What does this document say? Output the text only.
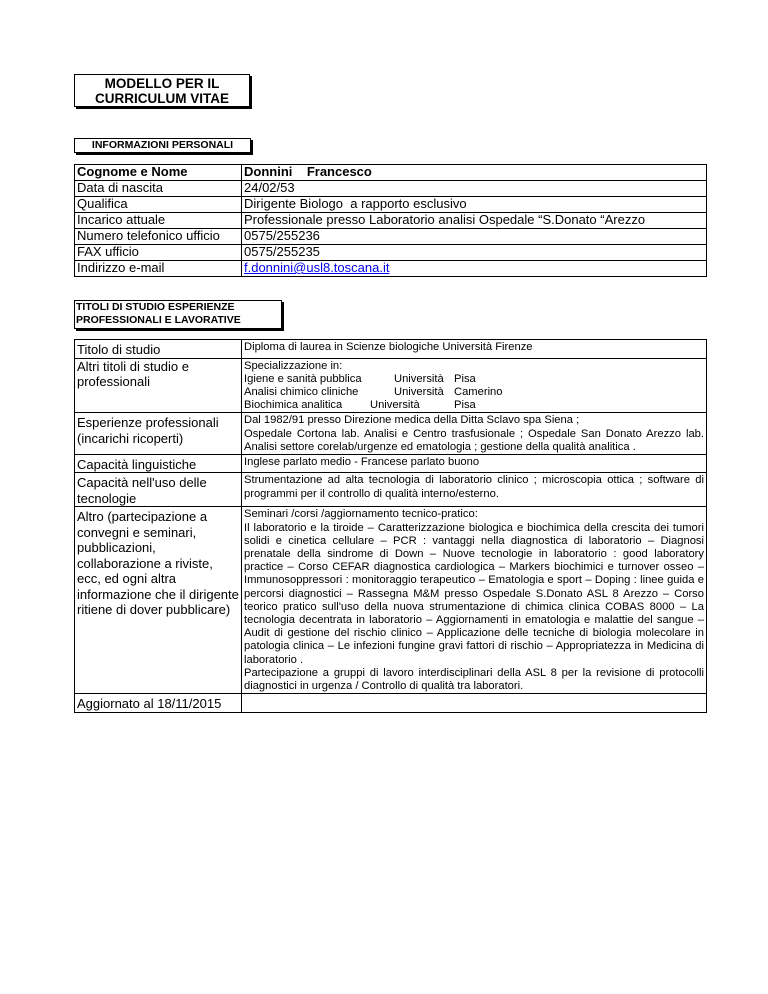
MODELLO PER IL CURRICULUM VITAE
INFORMAZIONI PERSONALI
Cognome e Nome	Donnini    Francesco
Data di nascita	24/02/53
Qualifica	Dirigente Biologo  a rapporto esclusivo
Incarico attuale	Professionale presso Laboratorio analisi Ospedale “S.Donato “Arezzo
Numero telefonico ufficio	0575/255236
FAX ufficio	0575/255235
Indirizzo e-mail	f.donnini@usl8.toscana.it
TITOLI DI STUDIO ESPERIENZE PROFESSIONALI E LAVORATIVE
Titolo di studio	Diploma di laurea in Scienze biologiche Università Firenze
Altri titoli di studio e professionali	Specializzazione in:
Igiene e sanità pubblica Università Pisa
Analisi chimico cliniche Università Camerino
Biochimica analitica Università Pisa

Esperienze professionali (incarichi ricoperti)	Dal 1982/91 presso Direzione medica della Ditta Sclavo spa Siena ;
Ospedale Cortona lab. Analisi e Centro trasfusionale ; Ospedale San Donato Arezzo lab. Analisi settore corelab/urgenze ed ematologia ; gestione della qualità analitica .

Capacità linguistiche	Inglese parlato medio - Francese parlato buono
Capacità nell'uso delle tecnologie	Strumentazione ad alta tecnologia di laboratorio clinico ; microscopia ottica ; software di programmi per il controllo di qualità interno/esterno.
Altro (partecipazione a convegni e seminari, pubblicazioni, collaborazione a riviste, ecc, ed ogni altra informazione che il dirigente ritiene di dover pubblicare)	Seminari /corsi /aggiornamento tecnico-pratico:
Il laboratorio e la tiroide – Caratterizzazione biologica e biochimica della crescita dei tumori solidi e cinetica cellulare – PCR : vantaggi nella diagnostica di laboratorio – Diagnosi prenatale della sindrome di Down – Nuove tecnologie in laboratorio : good laboratory practice – Corso CEFAR diagnostica cardiologica – Markers biochimici e turnover osseo – Immunosoppressori : monitoraggio terapeutico – Ematologia e sport – Doping : linee guida e percorsi diagnostici – Rassegna M&M presso Ospedale S.Donato ASL 8 Arezzo – Corso teorico pratico sull'uso della nuova strumentazione di chimica clinica COBAS 8000 – La tecnologia decentrata in laboratorio – Aggiornamenti in ematologia e malattie del sangue – Audit di gestione del rischio clinico – Applicazione delle tecniche di biologia molecolare in patologia clinica – Le infezioni fungine gravi fattori di rischio – Appropriatezza in Medicina di laboratorio .
Partecipazione a gruppi di lavoro interdisciplinari della ASL 8 per la revisione di protocolli diagnostici in urgenza / Controllo di qualità tra laboratori.

Aggiornato al 18/11/2015	
